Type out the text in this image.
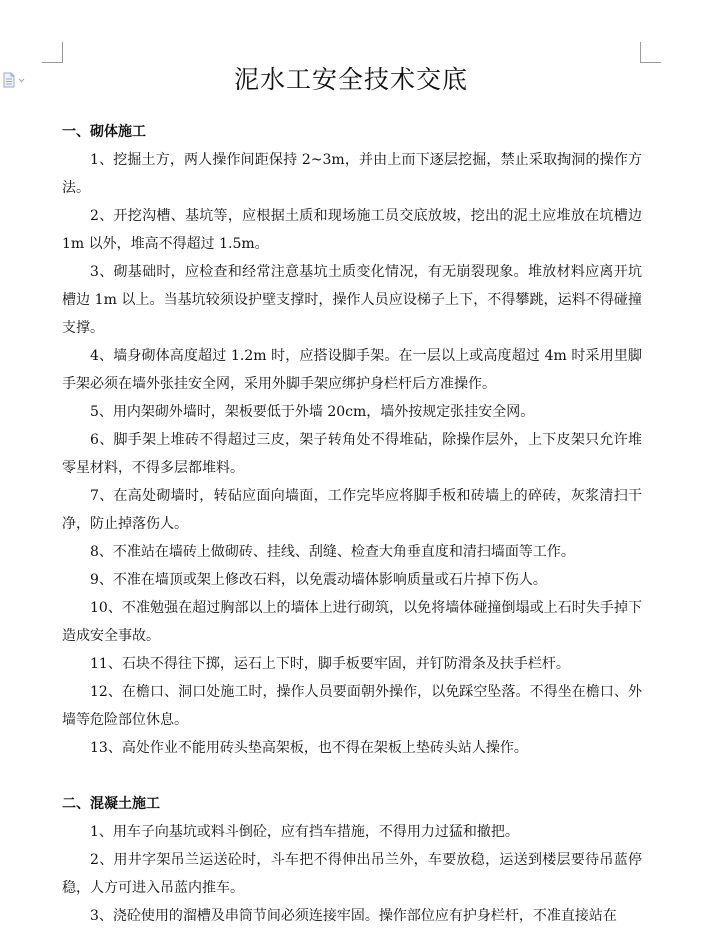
泥水工安全技术交底

一、砌体施工

1、挖掘土方，两人操作间距保持 2~3m，并由上而下逐层挖掘，禁止采取掏洞的操作方法。

2、开挖沟槽、基坑等，应根据土质和现场施工员交底放坡，挖出的泥土应堆放在坑槽边 1m 以外，堆高不得超过 1.5m。

3、砌基础时，应检查和经常注意基坑土质变化情况，有无崩裂现象。堆放材料应离开坑槽边 1m 以上。当基坑较须设护壁支撑时，操作人员应设梯子上下，不得攀跳，运料不得碰撞支撑。

4、墙身砌体高度超过 1.2m 时，应搭设脚手架。在一层以上或高度超过 4m 时采用里脚手架必须在墙外张挂安全网，采用外脚手架应绑护身栏杆后方准操作。

5、用内架砌外墙时，架板要低于外墙 20cm，墙外按规定张挂安全网。

6、脚手架上堆砖不得超过三皮，架子转角处不得堆砧，除操作层外，上下皮架只允许堆零星材料，不得多层都堆料。

7、在高处砌墙时，转砧应面向墙面，工作完毕应将脚手板和砖墙上的碎砖，灰浆清扫干净，防止掉落伤人。

8、不准站在墙砖上做砌砖、挂线、刮缝、检查大角垂直度和清扫墙面等工作。

9、不准在墙顶或架上修改石料，以免震动墙体影响质量或石片掉下伤人。

10、不准勉强在超过胸部以上的墙体上进行砌筑，以免将墙体碰撞倒塌或上石时失手掉下造成安全事故。

11、石块不得往下掷，运石上下时，脚手板要牢固，并钉防滑条及扶手栏杆。

12、在檐口、洞口处施工时，操作人员要面朝外操作，以免踩空坠落。不得坐在檐口、外墙等危险部位休息。

13、高处作业不能用砖头垫高架板，也不得在架板上垫砖头站人操作。

二、混凝土施工

1、用车子向基坑或料斗倒砼，应有挡车措施，不得用力过猛和撤把。

2、用井字架吊兰运送砼时，斗车把不得伸出吊兰外，车要放稳，运送到楼层要待吊蓝停稳，人方可进入吊蓝内推车。

3、浇砼使用的溜槽及串筒节间必须连接牢固。操作部位应有护身栏杆，不准直接站在
